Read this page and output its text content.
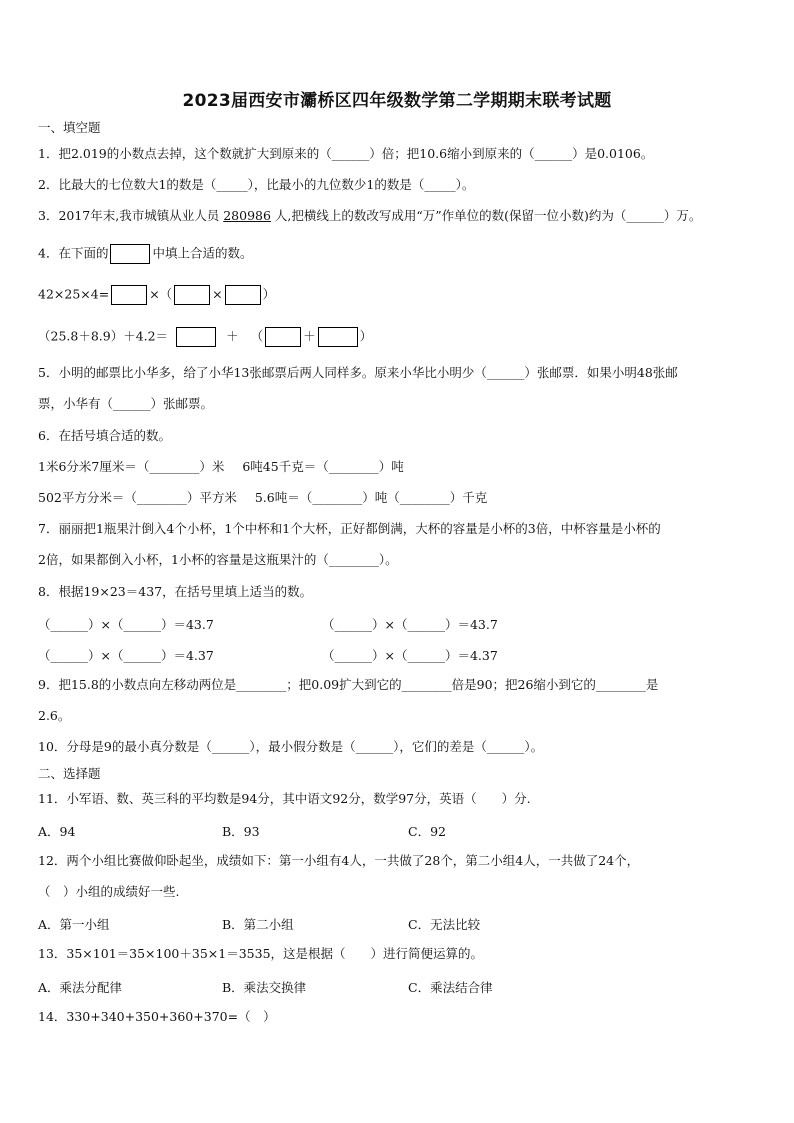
2023届西安市灞桥区四年级数学第二学期期末联考试题
一、填空题
1．把2.019的小数点去掉，这个数就扩大到原来的（______）倍；把10.6缩小到原来的（______）是0.0106。
2．比最大的七位数大1的数是（_____），比最小的九位数少1的数是（_____）。
3．2017年末,我市城镇从业人员 280986 人,把横线上的数改写成用“万”作单位的数(保留一位小数)约为（______）万。
4．在下面的	中填上合适的数。
42×25×4=	×（	×	）
（25.8＋8.9）＋4.2＝	＋ （	＋	）
5．小明的邮票比小华多，给了小华13张邮票后两人同样多。原来小华比小明少（______）张邮票．如果小明48张邮
票，小华有（______）张邮票。
6．在括号填合适的数。
1米6分米7厘米＝（________）米 6吨45千克＝（________）吨
502平方分米＝（________）平方米 5.6吨＝（________）吨（________）千克
7．丽丽把1瓶果汁倒入4个小杯，1个中杯和1个大杯，正好都倒满，大杯的容量是小杯的3倍，中杯容量是小杯的
2倍，如果都倒入小杯，1小杯的容量是这瓶果汁的（________）。
8．根据19×23＝437，在括号里填上适当的数。
（______）×（______）＝43.7	（______）×（______）＝43.7
（______）×（______）＝4.37	（______）×（______）＝4.37
9．把15.8的小数点向左移动两位是________；把0.09扩大到它的________倍是90；把26缩小到它的________是
2.6。
10．分母是9的最小真分数是（______），最小假分数是（______），它们的差是（______）。
二、选择题
11．小军语、数、英三科的平均数是94分，其中语文92分，数学97分，英语（　　）分.
A．94	B．93	C．92
12．两个小组比赛做仰卧起坐，成绩如下：第一小组有4人，一共做了28个，第二小组4人，一共做了24个，
（　）小组的成绩好一些.
A．第一小组	B．第二小组	C．无法比较
13．35×101＝35×100＋35×1＝3535，这是根据（　　）进行简便运算的。
A．乘法分配律	B．乘法交换律	C．乘法结合律
14．330+340+350+360+370=（　）
